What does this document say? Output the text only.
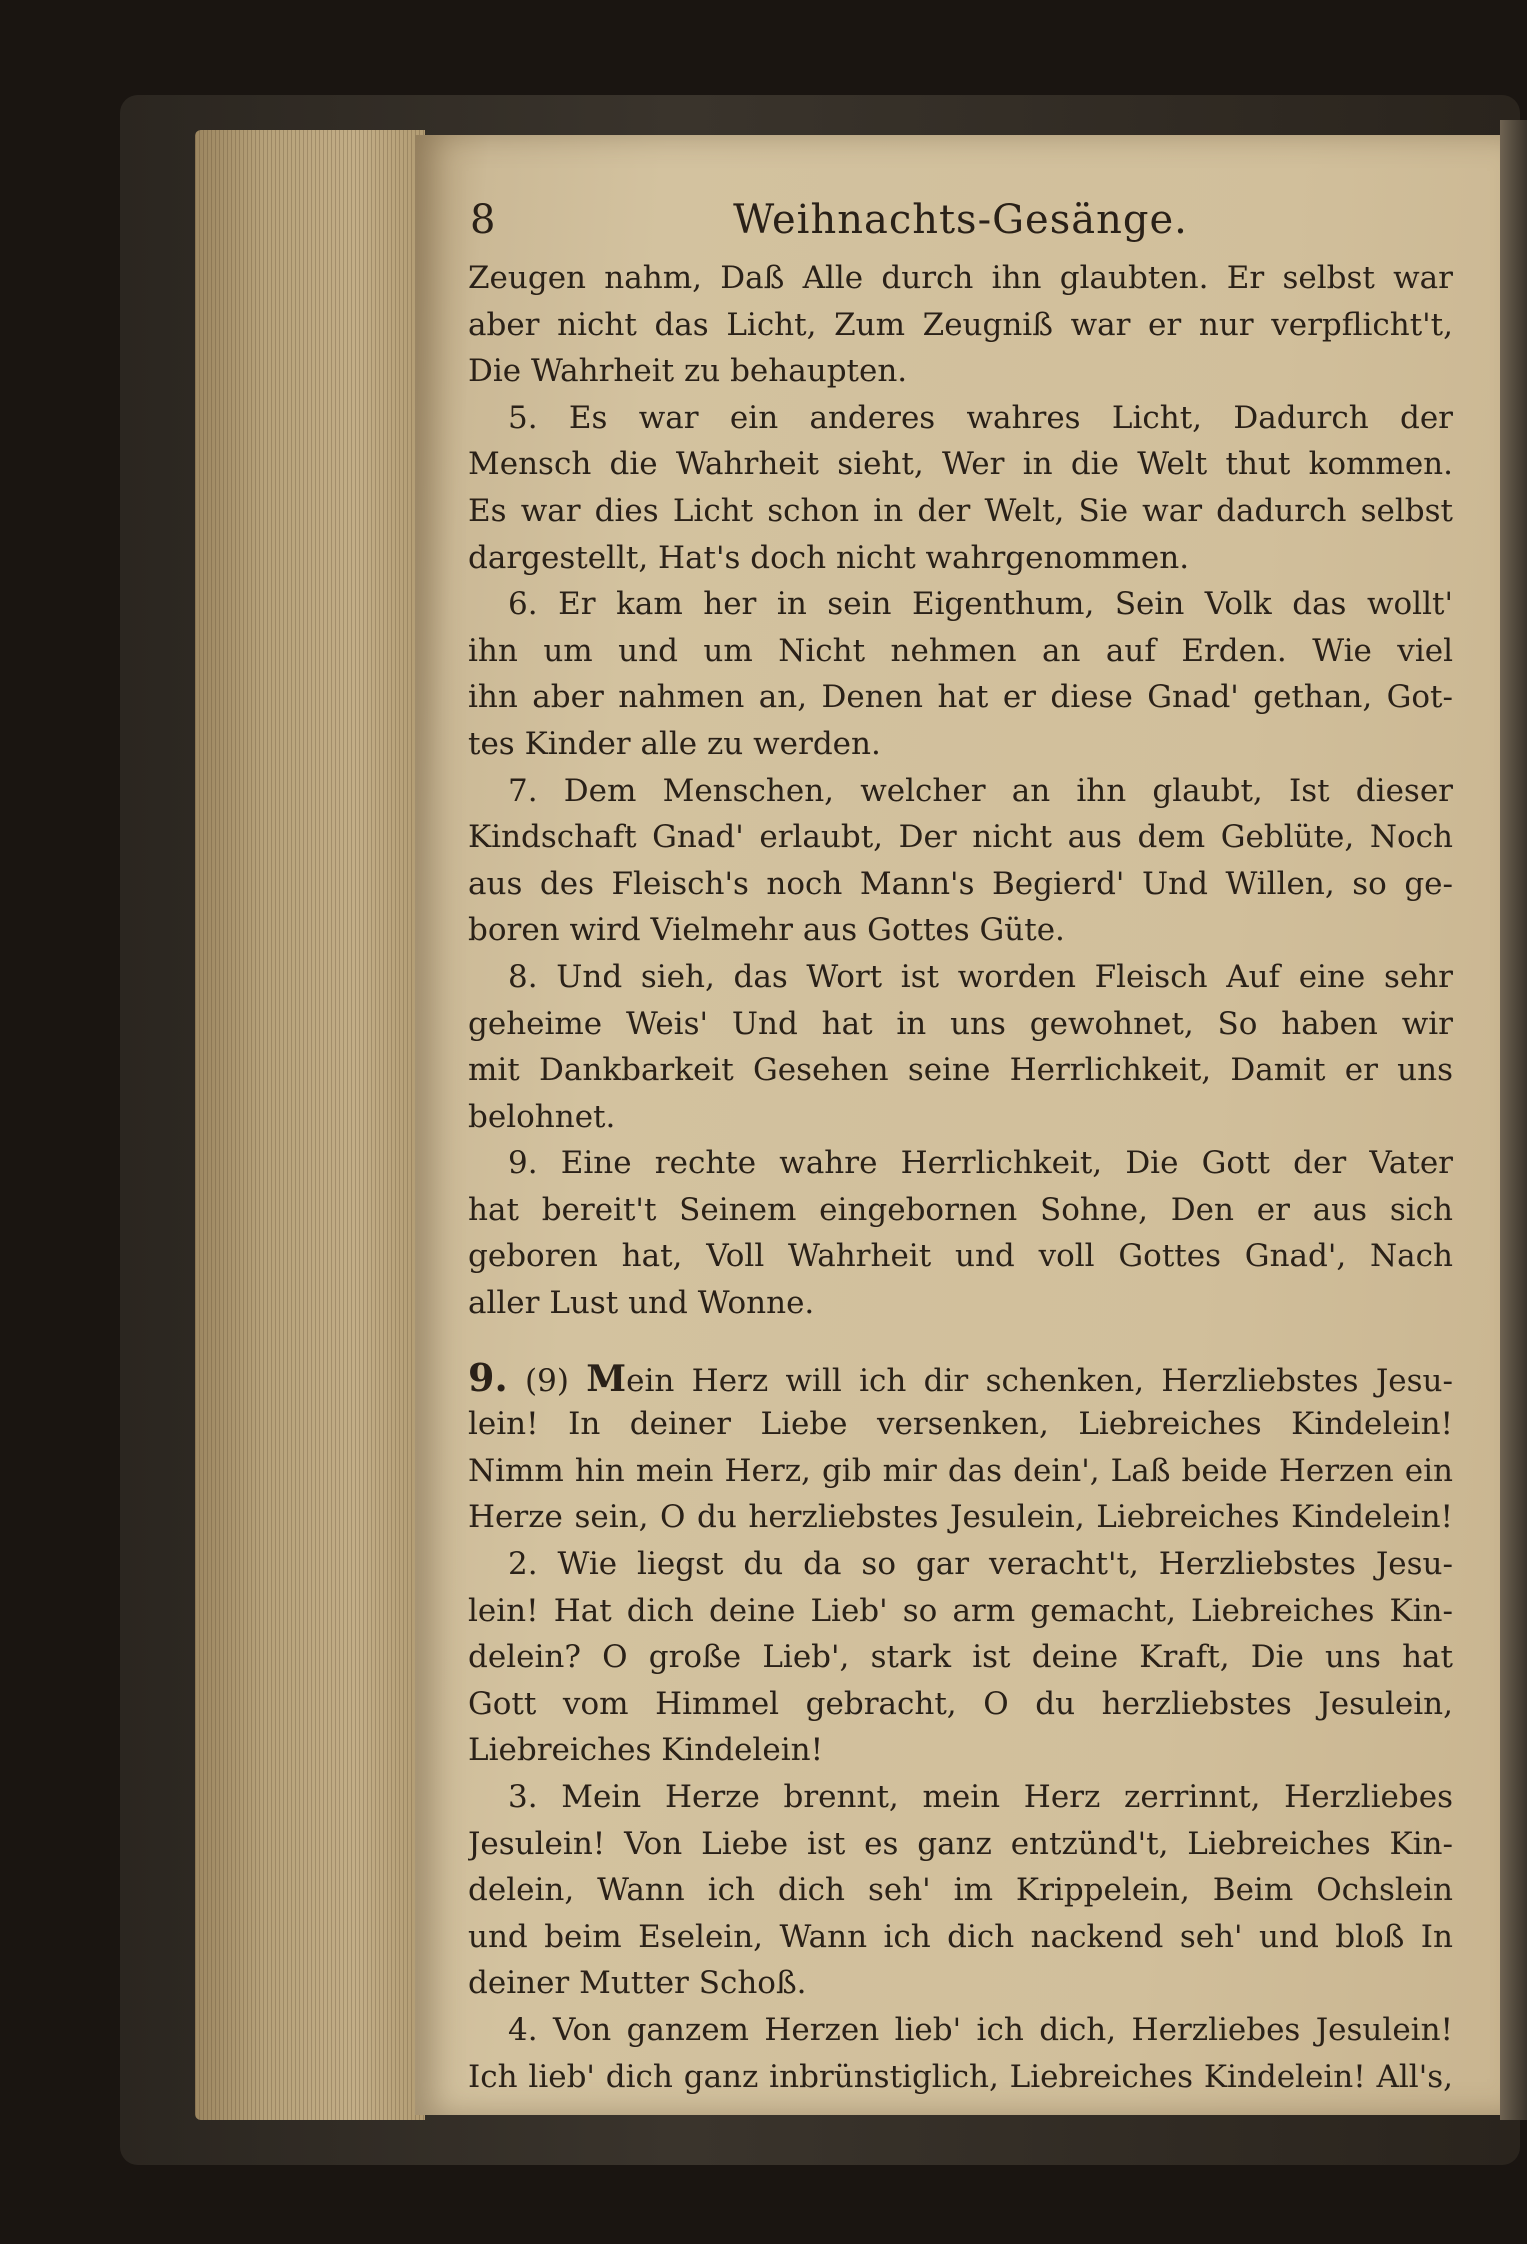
8	Weihnachts-Gesänge.
Zeugen nahm, Daß Alle durch ihn glaubten. Er selbst war
aber nicht das Licht, Zum Zeugniß war er nur verpflicht't,
Die Wahrheit zu behaupten.
5. Es war ein anderes wahres Licht, Dadurch der
Mensch die Wahrheit sieht, Wer in die Welt thut kommen.
Es war dies Licht schon in der Welt, Sie war dadurch selbst
dargestellt, Hat's doch nicht wahrgenommen.
6. Er kam her in sein Eigenthum, Sein Volk das wollt'
ihn um und um Nicht nehmen an auf Erden. Wie viel
ihn aber nahmen an, Denen hat er diese Gnad' gethan, Got-
tes Kinder alle zu werden.
7. Dem Menschen, welcher an ihn glaubt, Ist dieser
Kindschaft Gnad' erlaubt, Der nicht aus dem Geblüte, Noch
aus des Fleisch's noch Mann's Begierd' Und Willen, so ge-
boren wird Vielmehr aus Gottes Güte.
8. Und sieh, das Wort ist worden Fleisch Auf eine sehr
geheime Weis' Und hat in uns gewohnet, So haben wir
mit Dankbarkeit Gesehen seine Herrlichkeit, Damit er uns
belohnet.
9. Eine rechte wahre Herrlichkeit, Die Gott der Vater
hat bereit't Seinem eingebornen Sohne, Den er aus sich
geboren hat, Voll Wahrheit und voll Gottes Gnad', Nach
aller Lust und Wonne.
9. (9) Mein Herz will ich dir schenken, Herzliebstes Jesu-
lein! In deiner Liebe versenken, Liebreiches Kindelein!
Nimm hin mein Herz, gib mir das dein', Laß beide Herzen ein
Herze sein, O du herzliebstes Jesulein, Liebreiches Kindelein!
2. Wie liegst du da so gar veracht't, Herzliebstes Jesu-
lein! Hat dich deine Lieb' so arm gemacht, Liebreiches Kin-
delein? O große Lieb', stark ist deine Kraft, Die uns hat
Gott vom Himmel gebracht, O du herzliebstes Jesulein,
Liebreiches Kindelein!
3. Mein Herze brennt, mein Herz zerrinnt, Herzliebes
Jesulein! Von Liebe ist es ganz entzünd't, Liebreiches Kin-
delein, Wann ich dich seh' im Krippelein, Beim Ochslein
und beim Eselein, Wann ich dich nackend seh' und bloß In
deiner Mutter Schoß.
4. Von ganzem Herzen lieb' ich dich, Herzliebes Jesulein!
Ich lieb' dich ganz inbrünstiglich, Liebreiches Kindelein! All's,
